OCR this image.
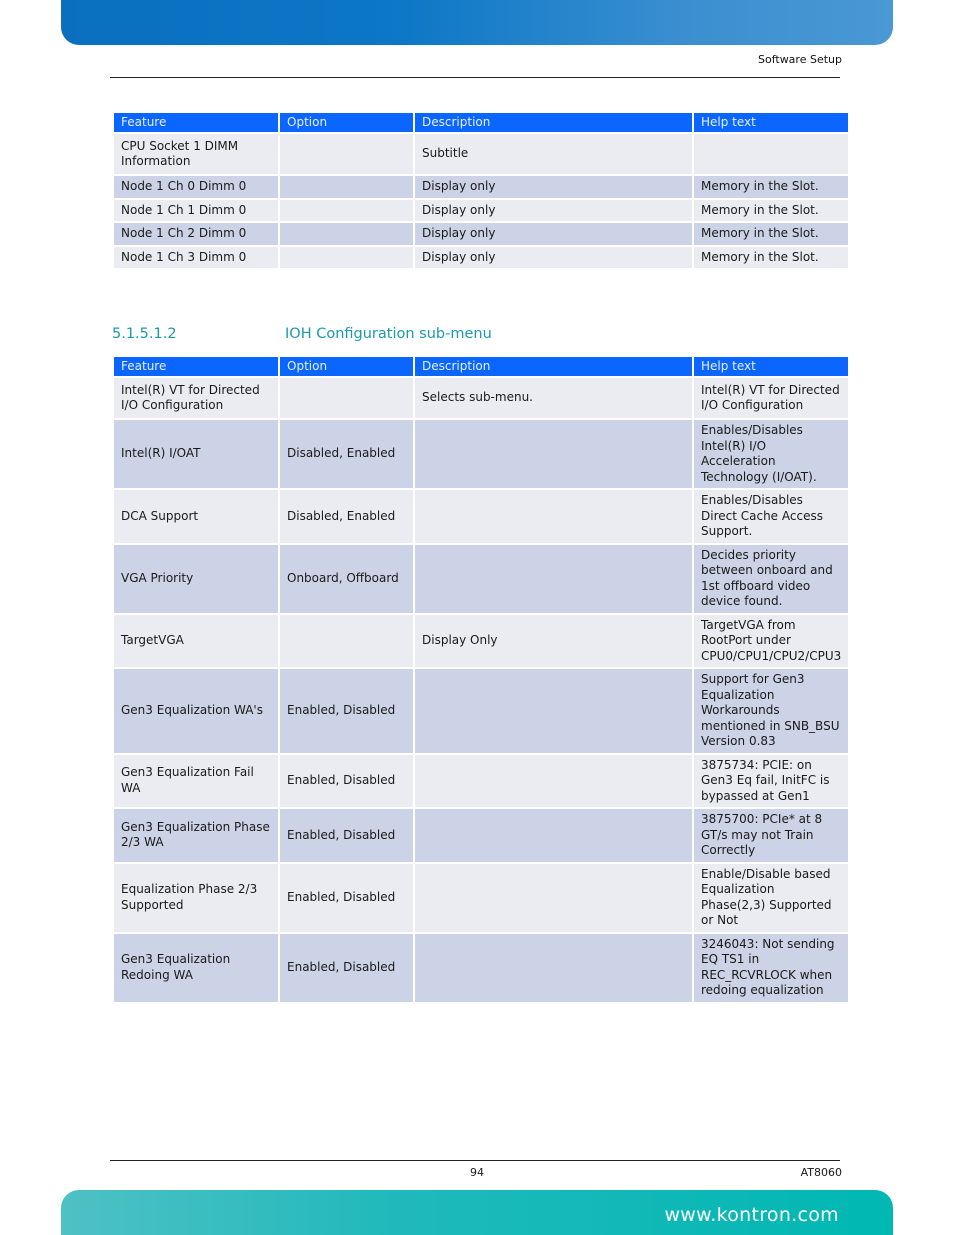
Software Setup
Feature	Option	Description	Help text
CPU Socket 1 DIMM Information		Subtitle	
Node 1 Ch 0 Dimm 0		Display only	Memory in the Slot.
Node 1 Ch 1 Dimm 0		Display only	Memory in the Slot.
Node 1 Ch 2 Dimm 0		Display only	Memory in the Slot.
Node 1 Ch 3 Dimm 0		Display only	Memory in the Slot.
5.1.5.1.2	IOH Configuration sub-menu
Feature	Option	Description	Help text
Intel(R) VT for Directed I/O Configuration		Selects sub-menu.	Intel(R) VT for Directed I/O Configuration
Intel(R) I/OAT	Disabled, Enabled		Enables/Disables Intel(R) I/O Acceleration Technology (I/OAT).
DCA Support	Disabled, Enabled		Enables/Disables Direct Cache Access Support.
VGA Priority	Onboard, Offboard		Decides priority between onboard and 1st offboard video device found.
TargetVGA		Display Only	TargetVGA from RootPort under CPU0/CPU1/CPU2/CPU3
Gen3 Equalization WA's	Enabled, Disabled		Support for Gen3 Equalization Workarounds mentioned in SNB_BSU Version 0.83
Gen3 Equalization Fail WA	Enabled, Disabled		3875734: PCIE: on Gen3 Eq fail, InitFC is bypassed at Gen1
Gen3 Equalization Phase 2/3 WA	Enabled, Disabled		3875700: PCIe* at 8 GT/s may not Train Correctly
Equalization Phase 2/3 Supported	Enabled, Disabled		Enable/Disable based Equalization Phase(2,3) Supported or Not
Gen3 Equalization Redoing WA	Enabled, Disabled		3246043: Not sending EQ TS1 in REC_RCVRLOCK when redoing equalization
94	AT8060
www.kontron.com
